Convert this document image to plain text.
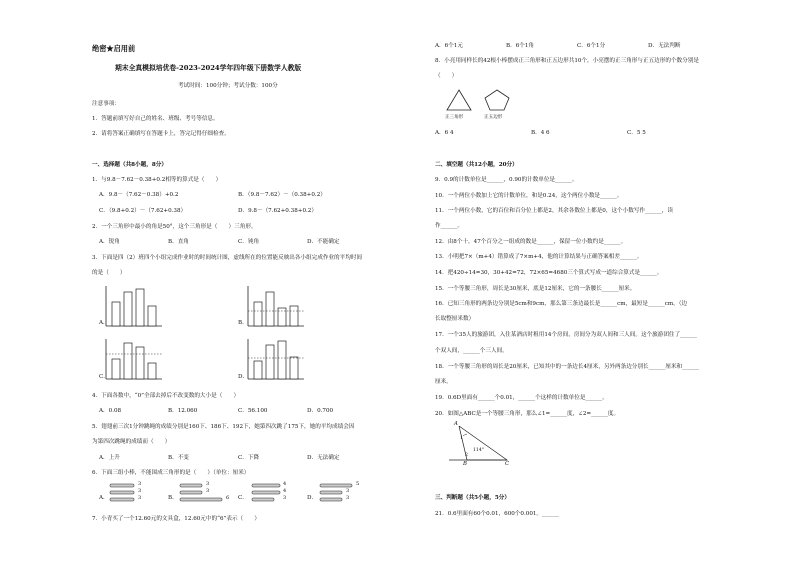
绝密★启用前
期末全真模拟培优卷-2023-2024学年四年级下册数学人教版
考试时间：100分钟；考试分数：100分
注意事项：
1．答题前填写好自己的姓名、班级、考号等信息。
2．请将答案正确填写在答题卡上，答完记得仔细检查。
一、选择题（共8小题，8分）
1．与9.8－7.62－0.38+0.2相等的算式是（　　）
A．9.8－（7.62－0.38）+0.2	B．（9.8－7.62）－（0.38+0.2）
C．（9.8+0.2）－（7.62+0.38）	D．9.8－（7.62+0.38+0.2）
2．一个三角形中最小的角是50°，这个三角形是（　　）三角形。
A．锐角	B．直角	C．钝角	D．不能确定
3．下面是四（2）班四个小组完成作业时的时间统计图，虚线所在的位置能反映出各小组完成作业的平均时间
的是（　　）
A．	B．
C．	D．
4．下面各数中，“0”全部去掉后不改变数的大小是（　　）
A．0.08	B．12.060	C．56.100	D．0.700
5．翅翅前三次1分钟跳绳的成绩分别是160下、186下、192下，她第四次跳了175下，她的平均成绩会因
为第四次跳绳的成绩而（　　）
A．上升	B．不变	C．下降	D．无法确定
6．下面三组小棒，不能围成三角形的是（　　）（单位：厘米）
A．
3
3
3	B．
3
3
6 C．
4
4
3	D．
5
3
3
7．小青买了一个12.60元的文具盒，12.60元中的“6”表示（　　）
A．6个1元	B．6个1角	C．6个1分	D．无法判断
8．小亮用同样长的42根小棒摆成正三角形和正五边形共10个，小亮摆的正三角形与正五边形的个数分别是
（　　）
正三角形	正五边形
A．6 4	B．4 6	C．5 5
二、填空题（共12小题，20分）
9．0.9的计数单位是______，0.90的计数单位是______。
10．一个两位小数加上它的计数单位，和是0.24，这个两位小数是______。
11．一个两位小数，它的百位和百分位上都是2，其余各数位上都是0，这个小数写作______，读
作______。
12．由8个十，47个百分之一组成的数是______，保留一位小数约是______。
13．小明把7×（m+4）错算成了7×m+4，他的计算结果与正确答案相差______。
14．把420÷14=30，30+42=72，72×65=4680三个算式写成一道综合算式是______。
15．一个等腰三角形，周长是30厘米，底是12厘米，它的一条腰长______厘米。
16．已知三角形的两条边分别是5cm和9cm，那么第三条边最长是______cm，最短是______cm。（边
长取整厘米数）
17．一个35人的旅游团，入住某酒店时租用14个房间，房间分为双人间和三人间。这个旅游团住了______
个双人间，______个三人间。
18．一个等腰三角形的周长是20厘米，已知其中的一条边长4厘米，另外两条边分别长______厘米和______
厘米。
19．0.6D里面有______个0.01，______个这样的计数单位是______。
20．如图△ABC是一个等腰三角形，那么∠1=______度，∠2=______度。
A
B	C
1
2
114°
三、判断题（共5小题，5分）
21．0.6里面有60个0.01，600个0.001。______
